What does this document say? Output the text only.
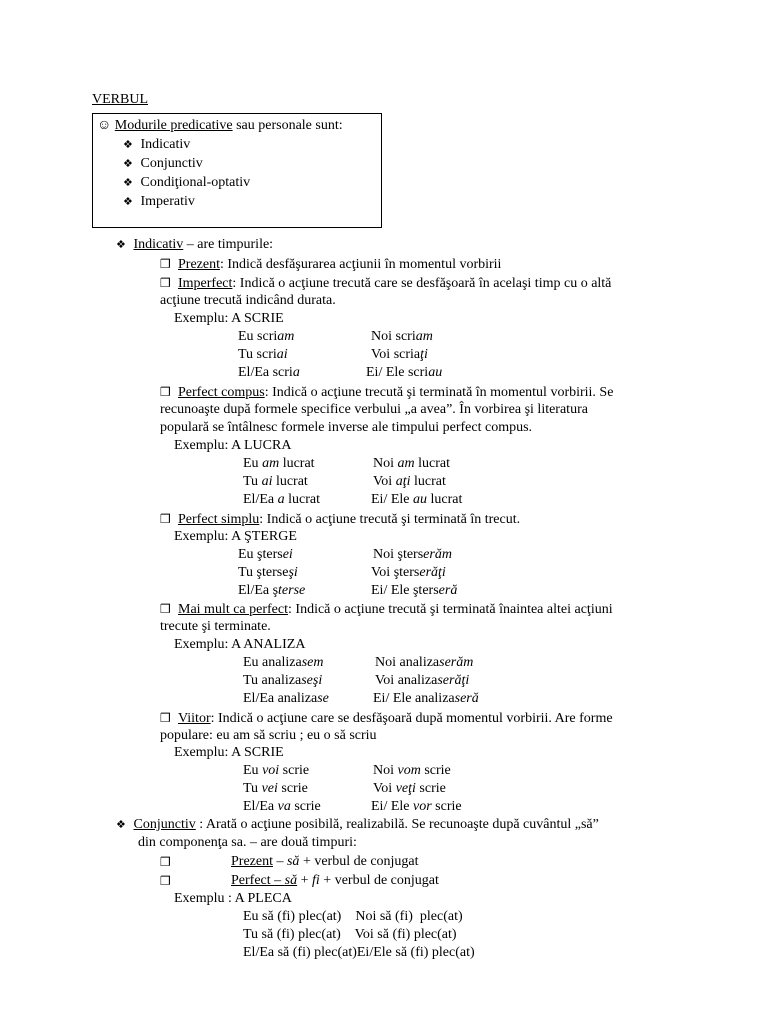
VERBUL
☺ Modurile predicative sau personale sunt:
❖ Indicativ
❖ Conjunctiv
❖ Condiţional-optativ
❖ Imperativ
❖ Indicativ – are timpurile:
❒ Prezent: Indică desfăşurarea acţiunii în momentul vorbirii
❒ Imperfect: Indică o acţiune trecută care se desfăşoară în acelaşi timp cu o altă
acţiune trecută indicând durata.
Exemplu: A SCRIE
Eu scriam	Noi scriam
Tu scriai	Voi scriaţi
El/Ea scria	Ei/ Ele scriau
❒ Perfect compus: Indică o acţiune trecută şi terminată în momentul vorbirii. Se
recunoaşte după formele specifice verbului „a avea”. În vorbirea şi literatura
populară se întâlnesc formele inverse ale timpului perfect compus.
Exemplu: A LUCRA
Eu am lucrat	Noi am lucrat
Tu ai lucrat	Voi aţi lucrat
El/Ea a lucrat	Ei/ Ele au lucrat
❒ Perfect simplu: Indică o acţiune trecută şi terminată în trecut.
Exemplu: A ŞTERGE
Eu ştersei	Noi şterserăm
Tu şterseşi	Voi şterserăţi
El/Ea şterse	Ei/ Ele şterseră
❒ Mai mult ca perfect: Indică o acţiune trecută şi terminată înaintea altei acţiuni
trecute şi terminate.
Exemplu: A ANALIZA
Eu analizasem	Noi analizaserăm
Tu analizaseşi	Voi analizaserăţi
El/Ea analizase	Ei/ Ele analizaseră
❒ Viitor: Indică o acţiune care se desfăşoară după momentul vorbirii. Are forme
populare: eu am să scriu ; eu o să scriu
Exemplu: A SCRIE
Eu voi scrie	Noi vom scrie
Tu vei scrie	Voi veţi scrie
El/Ea va scrie	Ei/ Ele vor scrie
❖ Conjunctiv : Arată o acţiune posibilă, realizabilă. Se recunoaşte după cuvântul „să”
din componenţa sa. – are două timpuri:
❒	Prezent – să + verbul de conjugat
❒	Perfect – să + fi + verbul de conjugat
Exemplu : A PLECA
Eu să (fi) plec(at)    Noi să (fi)  plec(at)
Tu să (fi) plec(at)    Voi să (fi) plec(at)
El/Ea să (fi) plec(at)Ei/Ele să (fi) plec(at)
